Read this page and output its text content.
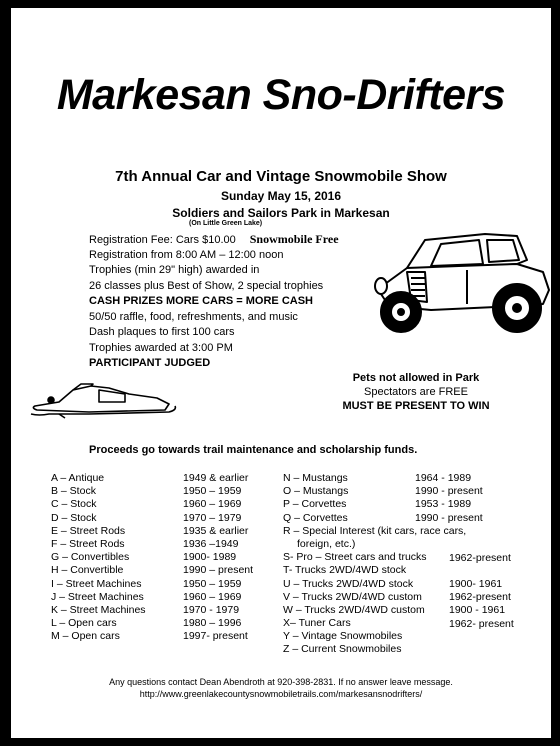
Markesan Sno-Drifters
7th Annual Car and Vintage Snowmobile Show
Sunday May 15, 2016
Soldiers and Sailors Park in Markesan
(On Little Green Lake)
Registration Fee: Cars $10.00 Snowmobile Free
Registration from 8:00 AM – 12:00 noon
Trophies (min 29" high) awarded in
26 classes plus Best of Show, 2 special trophies
CASH PRIZES MORE CARS = MORE CASH
50/50 raffle, food, refreshments, and music
Dash plaques to first 100 cars
Trophies awarded at 3:00 PM
PARTICIPANT JUDGED
Pets not allowed in Park
Spectators are FREE
MUST BE PRESENT TO WIN
Proceeds go towards trail maintenance and scholarship funds.
A – Antique
B – Stock
C – Stock
D – Stock
E – Street Rods
F – Street Rods
G – Convertibles
H – Convertible
I – Street Machines
J – Street Machines
K – Street Machines
L – Open cars
M – Open cars
1949 & earlier
1950 – 1959
1960 – 1969
1970 – 1979
1935 & earlier
1936 –1949
1900- 1989
1990 – present
1950 – 1959
1960 – 1969
1970 - 1979
1980 – 1996
1997- present
N – Mustangs
O – Mustangs
P – Corvettes
Q – Corvettes
R – Special Interest (kit cars, race cars,
foreign, etc.)
S- Pro – Street cars and trucks
T- Trucks 2WD/4WD stock
U – Trucks 2WD/4WD stock
V – Trucks 2WD/4WD custom
W – Trucks 2WD/4WD custom
X– Tuner Cars
Y – Vintage Snowmobiles
Z – Current Snowmobiles
1964 - 1989
1990 - present
1953 - 1989
1990 - present
1900- 1961
1962-present
1900 - 1961
1962- present
1962-present
Any questions contact Dean Abendroth at 920-398-2831. If no answer leave message.
http://www.greenlakecountysnowmobiletrails.com/markesansnodrifters/
